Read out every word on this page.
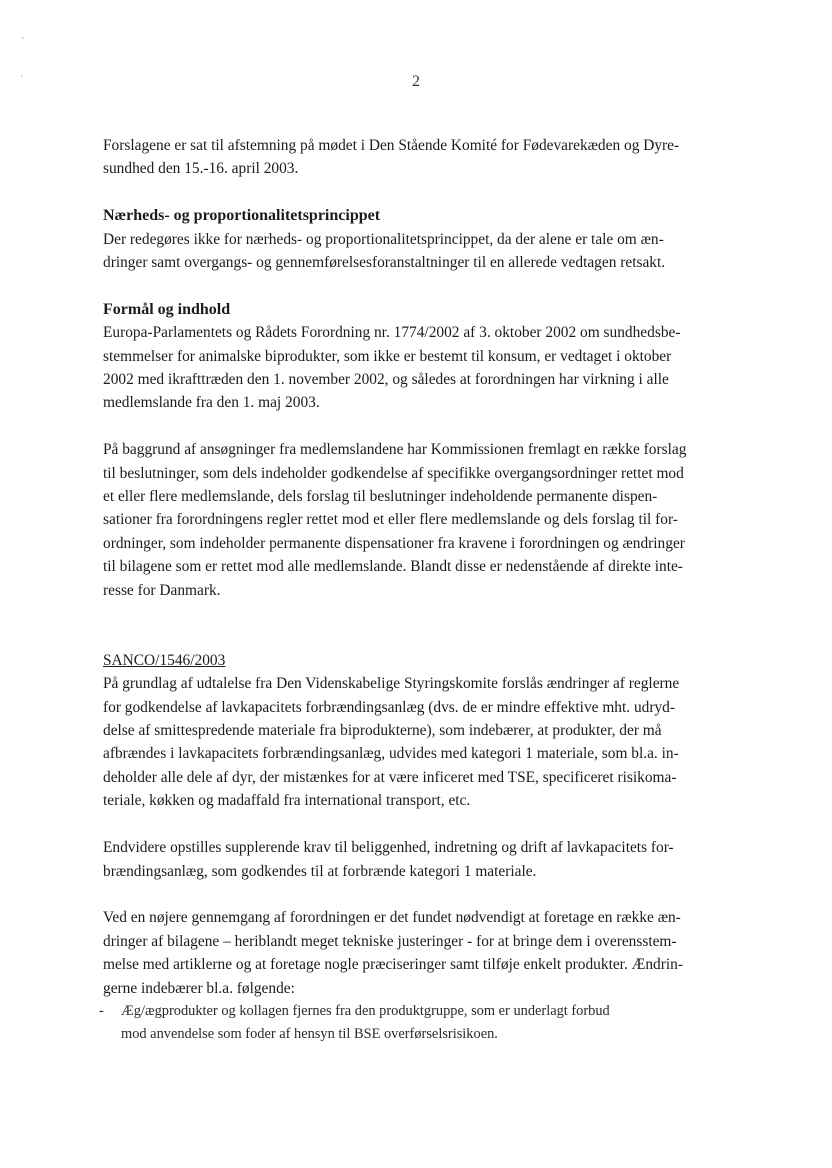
'
·	2
Forslagene er sat til afstemning på mødet i Den Stående Komité for Fødevarekæden og Dyre-
sundhed den 15.-16. april 2003.
Nærheds- og proportionalitetsprincippet
Der redegøres ikke for nærheds- og proportionalitetsprincippet, da der alene er tale om æn-
dringer samt overgangs- og gennemførelsesforanstaltninger til en allerede vedtagen retsakt.
Formål og indhold
Europa-Parlamentets og Rådets Forordning nr. 1774/2002 af 3. oktober 2002 om sundhedsbe-
stemmelser for animalske biprodukter, som ikke er bestemt til konsum, er vedtaget i oktober
2002 med ikrafttræden den 1. november 2002, og således at forordningen har virkning i alle
medlemslande fra den 1. maj 2003.
På baggrund af ansøgninger fra medlemslandene har Kommissionen fremlagt en række forslag
til beslutninger, som dels indeholder godkendelse af specifikke overgangsordninger rettet mod
et eller flere medlemslande, dels forslag til beslutninger indeholdende permanente dispen-
sationer fra forordningens regler rettet mod et eller flere medlemslande og dels forslag til for-
ordninger, som indeholder permanente dispensationer fra kravene i forordningen og ændringer
til bilagene som er rettet mod alle medlemslande. Blandt disse er nedenstående af direkte inte-
resse for Danmark.
SANCO/1546/2003
På grundlag af udtalelse fra Den Videnskabelige Styringskomite forslås ændringer af reglerne
for godkendelse af lavkapacitets forbrændingsanlæg (dvs. de er mindre effektive mht. udryd-
delse af smittespredende materiale fra biprodukterne), som indebærer, at produkter, der må
afbrændes i lavkapacitets forbrændingsanlæg, udvides med kategori 1 materiale, som bl.a. in-
deholder alle dele af dyr, der mistænkes for at være inficeret med TSE, specificeret risikoma-
teriale, køkken og madaffald fra international transport, etc.
Endvidere opstilles supplerende krav til beliggenhed, indretning og drift af lavkapacitets for-
brændingsanlæg, som godkendes til at forbrænde kategori 1 materiale.
Ved en nøjere gennemgang af forordningen er det fundet nødvendigt at foretage en række æn-
dringer af bilagene – heriblandt meget tekniske justeringer - for at bringe dem i overensstem-
melse med artiklerne og at foretage nogle præciseringer samt tilføje enkelt produkter. Ændrin-
gerne indebærer bl.a. følgende:
- Æg/ægprodukter og kollagen fjernes fra den produktgruppe, som er underlagt forbud
mod anvendelse som foder af hensyn til BSE overførselsrisikoen.
